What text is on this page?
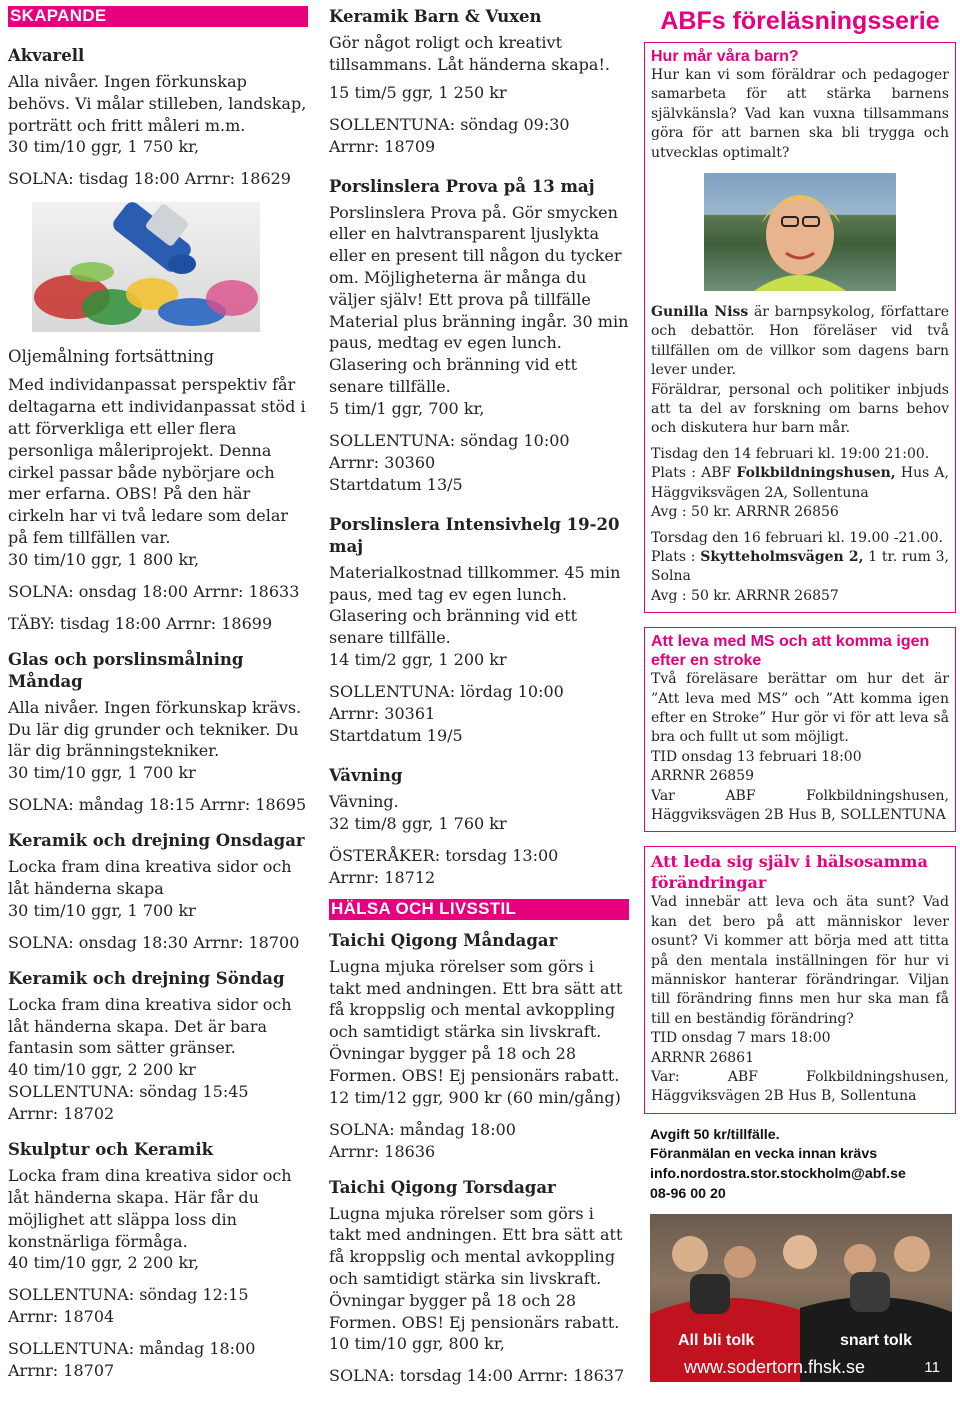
SKAPANDE
Akvarell
Alla nivåer. Ingen förkunskap behövs. Vi målar stilleben, landskap, porträtt och fritt måleri m.m.
30 tim/10 ggr, 1 750 kr,
SOLNA: tisdag 18:00 Arrnr: 18629
Oljemålning fortsättning
Med individanpassat perspektiv får deltagarna ett individanpassat stöd i att förverkliga ett eller flera personliga måleriprojekt. Denna cirkel passar både nybörjare och mer erfarna. OBS! På den här cirkeln har vi två ledare som delar på fem tillfällen var.
30 tim/10 ggr, 1 800 kr,
SOLNA: onsdag 18:00 Arrnr: 18633
TÄBY: tisdag 18:00 Arrnr: 18699
Glas och porslinsmålning Måndag
Alla nivåer. Ingen förkunskap krävs. Du lär dig grunder och tekniker. Du lär dig bränningstekniker.
30 tim/10 ggr, 1 700 kr
SOLNA: måndag 18:15 Arrnr: 18695
Keramik och drejning Onsdagar
Locka fram dina kreativa sidor och låt händerna skapa
30 tim/10 ggr, 1 700 kr
SOLNA: onsdag 18:30 Arrnr: 18700
Keramik och drejning Söndag
Locka fram dina kreativa sidor och låt händerna skapa. Det är bara fantasin som sätter gränser.
40 tim/10 ggr, 2 200 kr
SOLLENTUNA: söndag 15:45
Arrnr: 18702
Skulptur och Keramik
Locka fram dina kreativa sidor och låt händerna skapa. Här får du möjlighet att släppa loss din konstnärliga förmåga.
40 tim/10 ggr, 2 200 kr,
SOLLENTUNA: söndag 12:15
Arrnr: 18704
SOLLENTUNA: måndag 18:00
Arrnr: 18707
Keramik Barn & Vuxen
Gör något roligt och kreativt tillsammans. Låt händerna skapa!.
15 tim/5 ggr, 1 250 kr
SOLLENTUNA: söndag 09:30
Arrnr: 18709
Porslinslera Prova på 13 maj
Porslinslera Prova på. Gör smycken eller en halvtransparent ljuslykta eller en present till någon du tycker om. Möjligheterna är många du väljer själv! Ett prova på tillfälle Material plus bränning ingår. 30 min paus, medtag ev egen lunch. Glasering och bränning vid ett senare tillfälle.
5 tim/1 ggr, 700 kr,
SOLLENTUNA: söndag 10:00
Arrnr: 30360
Startdatum 13/5
Porslinslera Intensivhelg 19-20 maj
Materialkostnad tillkommer. 45 min paus, med tag ev egen lunch. Glasering och bränning vid ett senare tillfälle.
14 tim/2 ggr, 1 200 kr
SOLLENTUNA: lördag 10:00
Arrnr: 30361
Startdatum 19/5
Vävning
Vävning.
32 tim/8 ggr, 1 760 kr
ÖSTERÅKER: torsdag 13:00
Arrnr: 18712
HÄLSA OCH LIVSSTIL
Taichi Qigong Måndagar
Lugna mjuka rörelser som görs i takt med andningen. Ett bra sätt att få kroppslig och mental avkoppling och samtidigt stärka sin livskraft. Övningar bygger på 18 och 28 Formen. OBS! Ej pensionärs rabatt.
12 tim/12 ggr, 900 kr (60 min/gång)
SOLNA: måndag 18:00
Arrnr: 18636
Taichi Qigong Torsdagar
Lugna mjuka rörelser som görs i takt med andningen. Ett bra sätt att få kroppslig och mental avkoppling och samtidigt stärka sin livskraft. Övningar bygger på 18 och 28 Formen. OBS! Ej pensionärs rabatt.
10 tim/10 ggr, 800 kr,
SOLNA: torsdag 14:00 Arrnr: 18637
ABFs föreläsningsserie
Hur mår våra barn?
Hur kan vi som föräldrar och pedagoger samarbeta för att stärka barnens självkänsla? Vad kan vuxna tillsammans göra för att barnen ska bli trygga och utvecklas optimalt?
Gunilla Niss är barnpsykolog, författare och debattör. Hon föreläser vid två tillfällen om de villkor som dagens barn lever under.
Föräldrar, personal och politiker inbjuds att ta del av forskning om barns behov och diskutera hur barn mår.
Tisdag den 14 februari kl. 19:00 21:00.
Plats : ABF Folkbildningshusen, Hus A, Häggviksvägen 2A, Sollentuna
Avg : 50 kr. ARRNR 26856
Torsdag den 16 februari kl. 19.00 -21.00.
Plats : Skytteholmsvägen 2, 1 tr. rum 3, Solna
Avg : 50 kr. ARRNR 26857
Att leva med MS och att komma igen efter en stroke
Två föreläsare berättar om hur det är ”Att leva med MS” och ”Att komma igen efter en Stroke” Hur gör vi för att leva så bra och fullt ut som möjligt.
TID onsdag 13 februari 18:00
ARRNR 26859
Var ABF Folkbildningshusen, Häggviksvägen 2B Hus B, SOLLENTUNA
Att leda sig själv i hälsosamma förändringar
Vad innebär att leva och äta sunt? Vad kan det bero på att människor lever osunt? Vi kommer att börja med att titta på den mentala inställningen för hur vi människor hanterar förändringar. Viljan till förändring finns men hur ska man få till en beständig förändring?
TID onsdag 7 mars 18:00
ARRNR 26861
Var: ABF Folkbildningshusen, Häggviksvägen 2B Hus B, Sollentuna
Avgift 50 kr/tillfälle.
Föranmälan en vecka innan krävs
info.nordostra.stor.stockholm@abf.se
08-96 00 20
All bli tolk	snart tolk
www.sodertorn.fhsk.se	11
